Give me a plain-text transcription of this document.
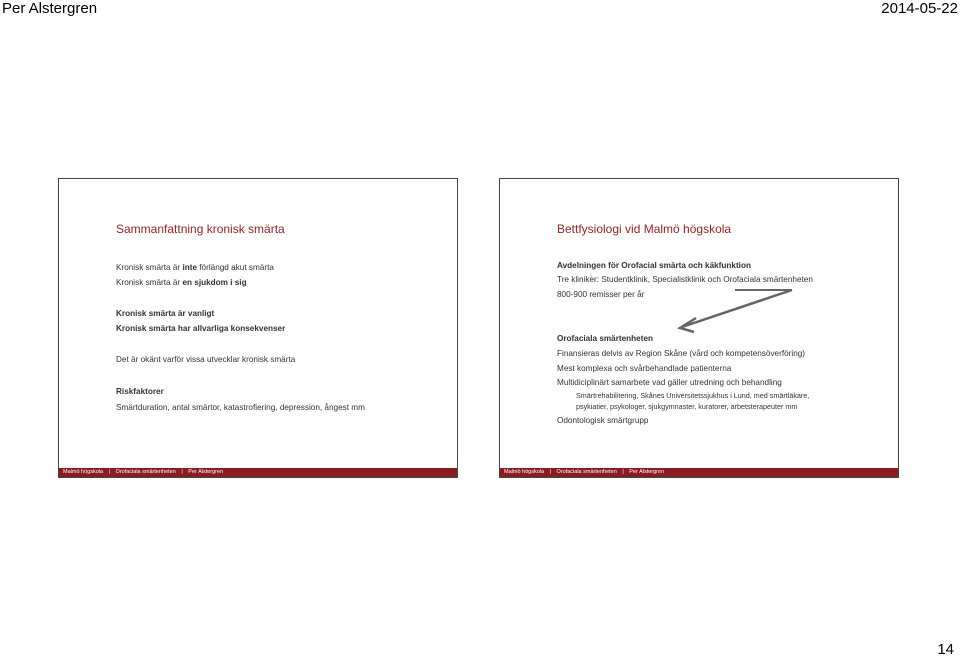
Per Alstergren	2014-05-22
Sammanfattning kronisk smärta
Kronisk smärta är inte förlängd akut smärta
Kronisk smärta är en sjukdom i sig
Kronisk smärta är vanligt
Kronisk smärta har allvarliga konsekvenser
Det är okänt varför vissa utvecklar kronisk smärta
Riskfaktorer
Smärtduration, antal smärtor, katastrofiering, depression, ångest mm
Malmö högskola | Orofaciala smärtenheten | Per Alstergren
Bettfysiologi vid Malmö högskola
Avdelningen för Orofacial smärta och käkfunktion
Tre kliniker: Studentklinik, Specialistklinik och Orofaciala smärtenheten
800-900 remisser per år
Orofaciala smärtenheten
Finansieras delvis av Region Skåne (vård och kompetensöverföring)
Mest komplexa och svårbehandlade patienterna
Multidiciplinärt samarbete vad gäller utredning och behandling
Smärtrehabilitering, Skånes Universitetssjukhus i Lund, med smärtläkare,
psykiatier, psykologer, sjukgymnaster, kuratorer, arbetsterapeuter mm
Odontologisk smärtgrupp
Malmö högskola | Orofaciala smärtenheten | Per Alstergren
14
